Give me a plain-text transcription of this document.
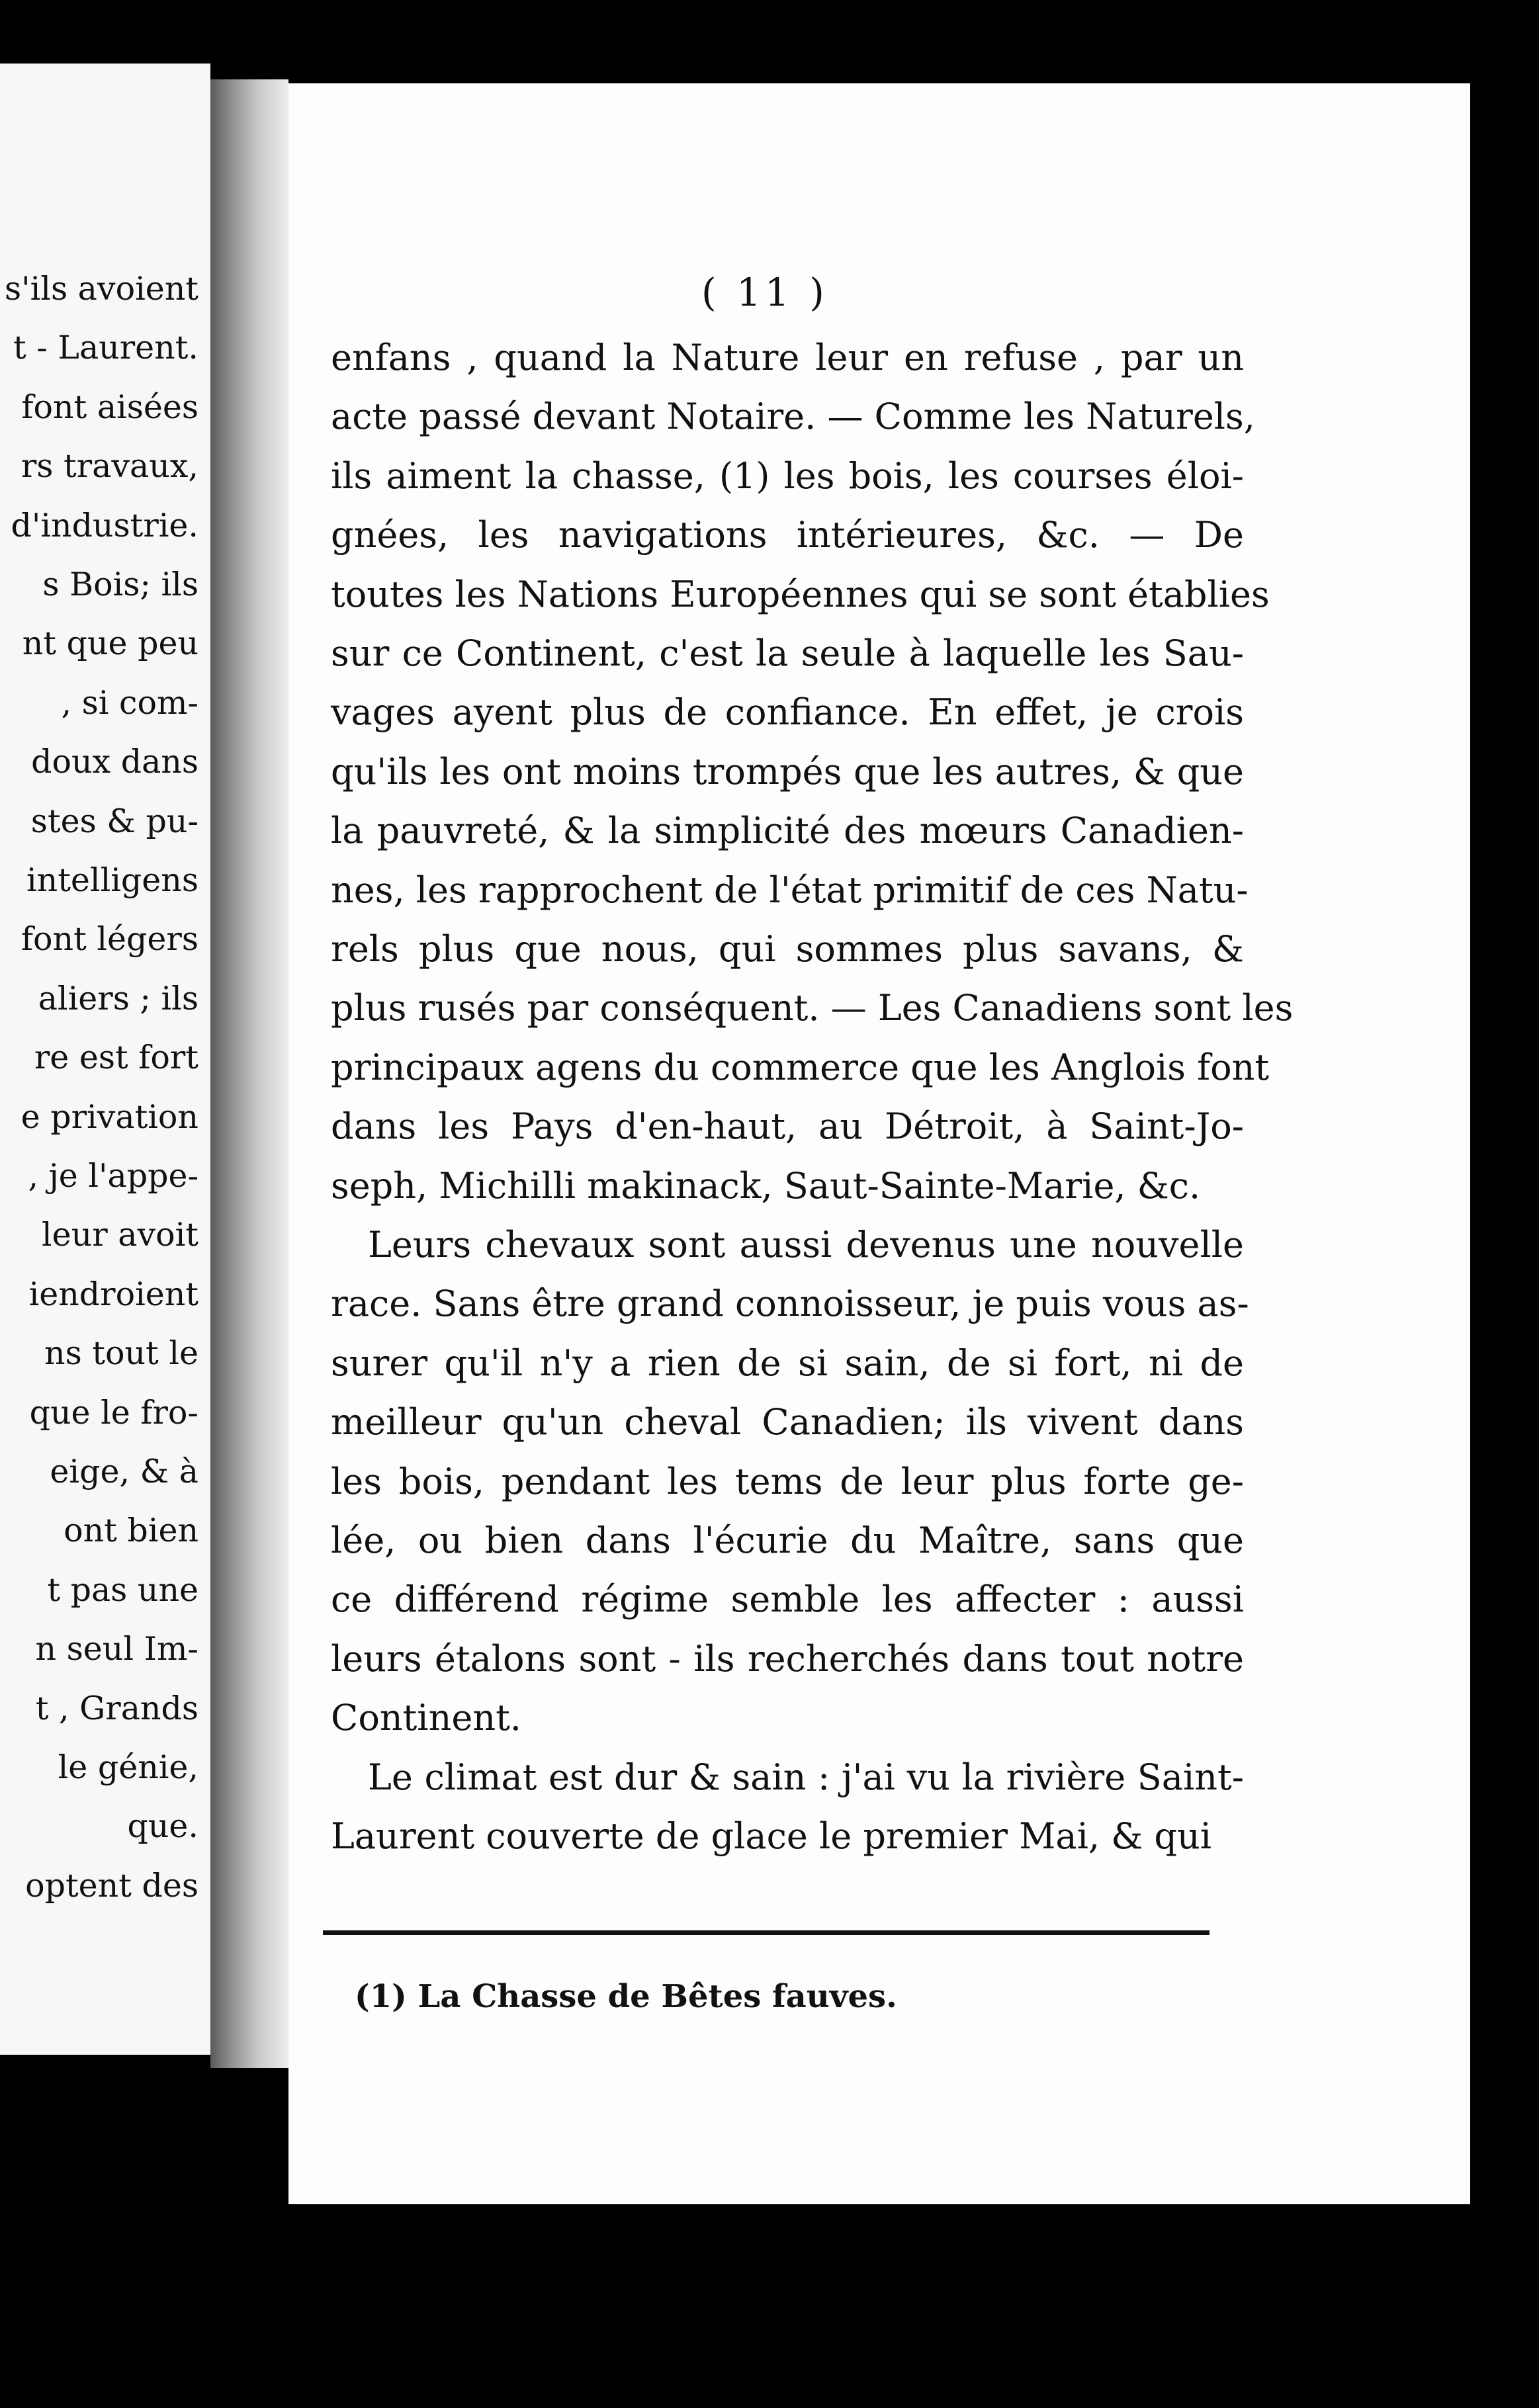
s'ils avoient
t - Laurent.
font aisées
rs travaux,
d'industrie.
s Bois; ils
nt que peu
, si com-
doux dans
stes & pu-
intelligens
font légers
aliers ; ils
re est fort
e privation
, je l'appe-
leur avoit
iendroient
ns tout le
que le fro-
eige, & à
ont bien
t pas une
n seul Im-
t , Grands
le génie,
que.
optent des
( 11 )
enfans , quand la Nature leur en refuse , par un
acte passé devant Notaire. — Comme les Naturels,
ils aiment la chasse, (1) les bois, les courses éloi-
gnées, les navigations intérieures, &c. — De
toutes les Nations Européennes qui se sont établies
sur ce Continent, c'est la seule à laquelle les Sau-
vages ayent plus de confiance. En effet, je crois
qu'ils les ont moins trompés que les autres, & que
la pauvreté, & la simplicité des mœurs Canadien-
nes, les rapprochent de l'état primitif de ces Natu-
rels plus que nous, qui sommes plus savans, &
plus rusés par conséquent. — Les Canadiens sont les
principaux agens du commerce que les Anglois font
dans les Pays d'en-haut, au Détroit, à Saint-Jo-
seph, Michilli makinack, Saut-Sainte-Marie, &c.
Leurs chevaux sont aussi devenus une nouvelle
race. Sans être grand connoisseur, je puis vous as-
surer qu'il n'y a rien de si sain, de si fort, ni de
meilleur qu'un cheval Canadien; ils vivent dans
les bois, pendant les tems de leur plus forte ge-
lée, ou bien dans l'écurie du Maître, sans que
ce différend régime semble les affecter : aussi
leurs étalons sont - ils recherchés dans tout notre
Continent.
Le climat est dur & sain : j'ai vu la rivière Saint-
Laurent couverte de glace le premier Mai, & qui
(1) La Chasse de Bêtes fauves.
